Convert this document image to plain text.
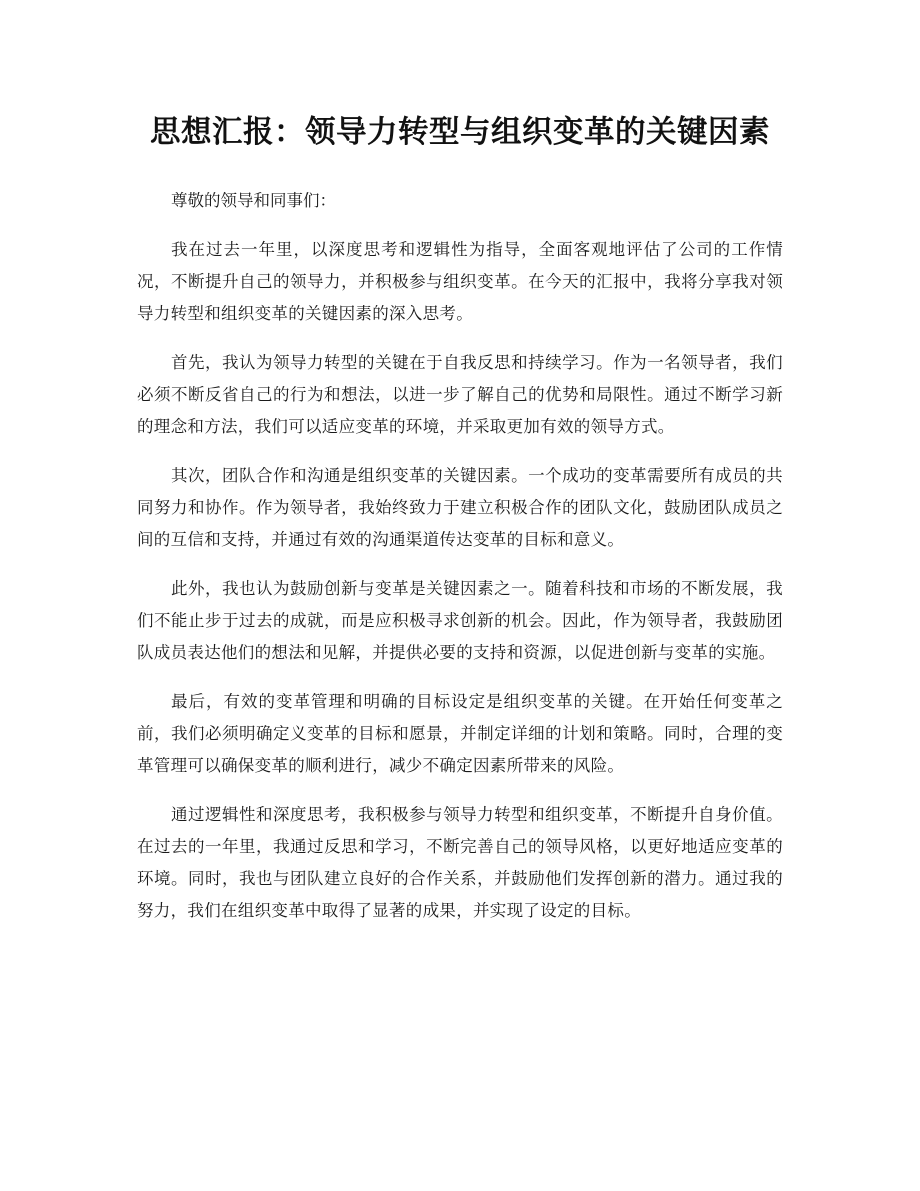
思想汇报：领导力转型与组织变革的关键因素

尊敬的领导和同事们：

我在过去一年里，以深度思考和逻辑性为指导，全面客观地评估了公司的工作情况，不断提升自己的领导力，并积极参与组织变革。在今天的汇报中，我将分享我对领导力转型和组织变革的关键因素的深入思考。

首先，我认为领导力转型的关键在于自我反思和持续学习。作为一名领导者，我们必须不断反省自己的行为和想法，以进一步了解自己的优势和局限性。通过不断学习新的理念和方法，我们可以适应变革的环境，并采取更加有效的领导方式。

其次，团队合作和沟通是组织变革的关键因素。一个成功的变革需要所有成员的共同努力和协作。作为领导者，我始终致力于建立积极合作的团队文化，鼓励团队成员之间的互信和支持，并通过有效的沟通渠道传达变革的目标和意义。

此外，我也认为鼓励创新与变革是关键因素之一。随着科技和市场的不断发展，我们不能止步于过去的成就，而是应积极寻求创新的机会。因此，作为领导者，我鼓励团队成员表达他们的想法和见解，并提供必要的支持和资源，以促进创新与变革的实施。

最后，有效的变革管理和明确的目标设定是组织变革的关键。在开始任何变革之前，我们必须明确定义变革的目标和愿景，并制定详细的计划和策略。同时，合理的变革管理可以确保变革的顺利进行，减少不确定因素所带来的风险。

通过逻辑性和深度思考，我积极参与领导力转型和组织变革，不断提升自身价值。在过去的一年里，我通过反思和学习，不断完善自己的领导风格，以更好地适应变革的环境。同时，我也与团队建立良好的合作关系，并鼓励他们发挥创新的潜力。通过我的努力，我们在组织变革中取得了显著的成果，并实现了设定的目标。
